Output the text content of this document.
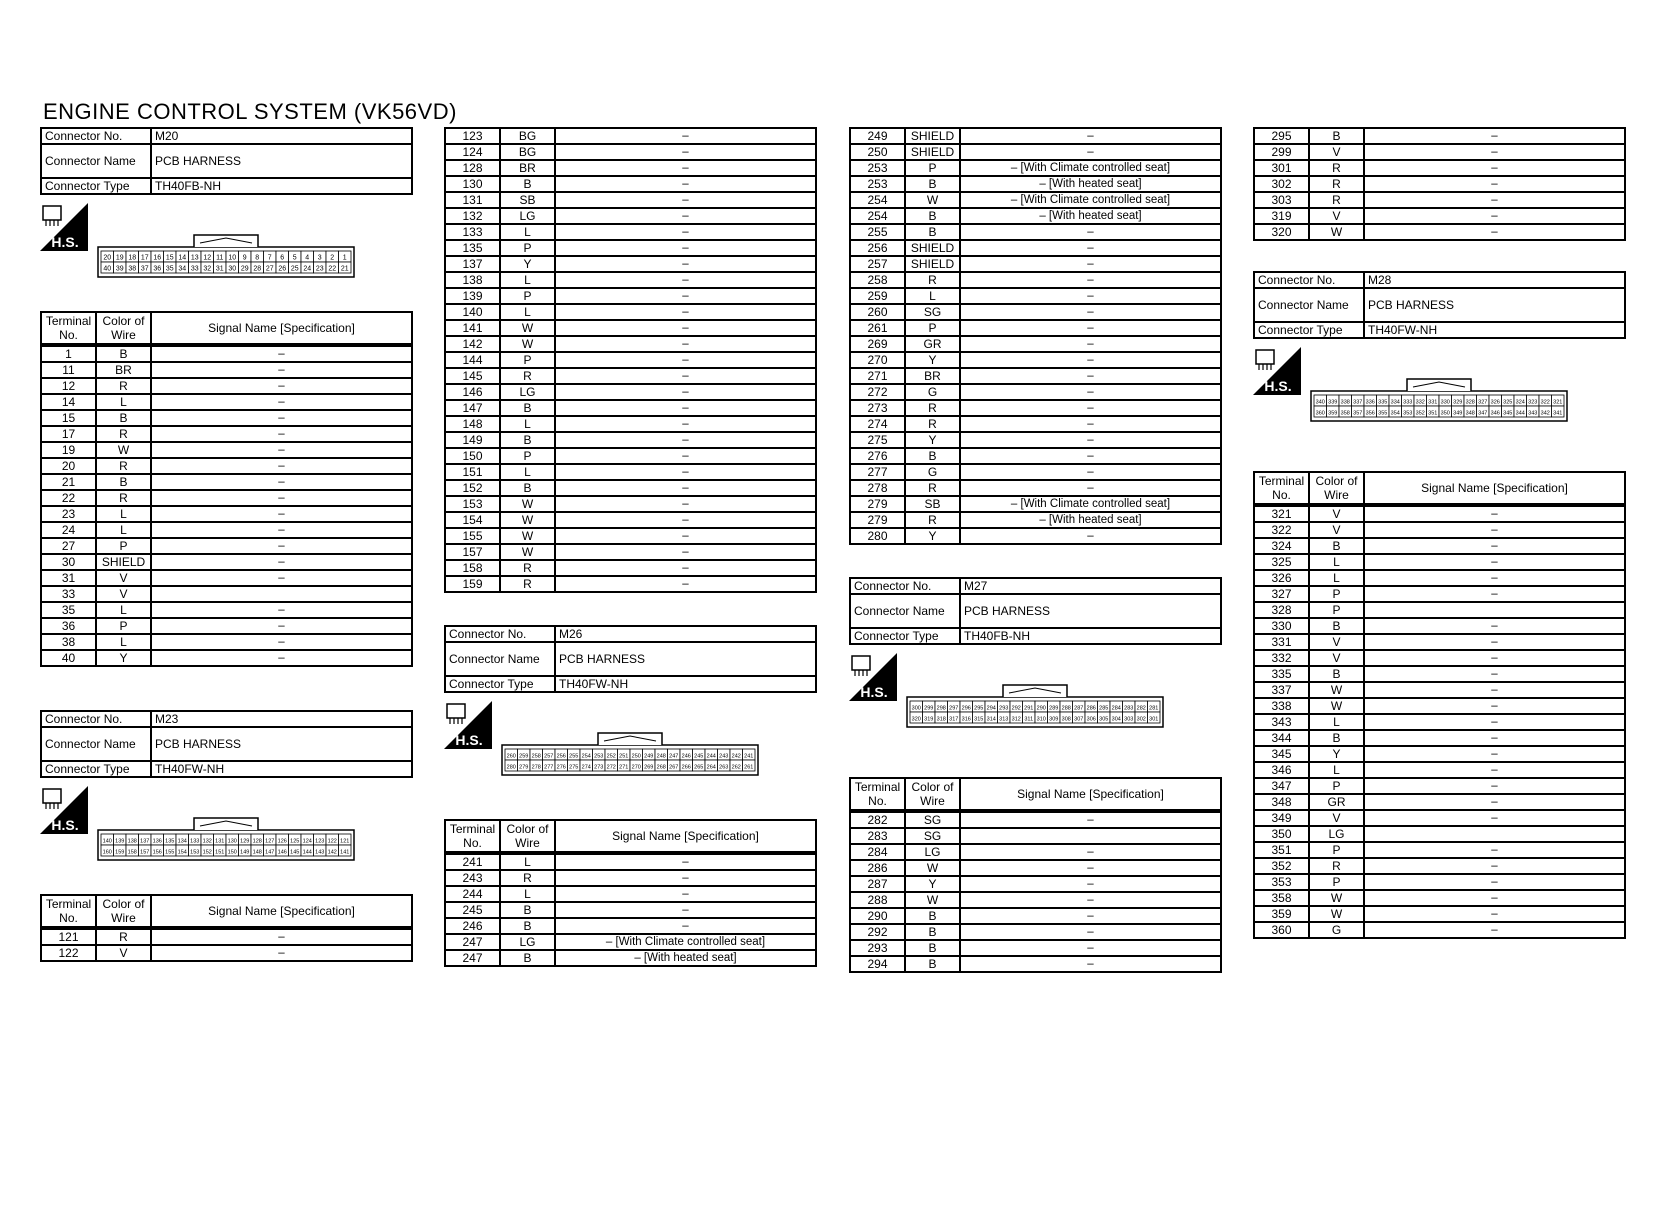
ENGINE CONTROL SYSTEM (VK56VD)
Connector No.	M20
Connector Name	PCB HARNESS
Connector Type	TH40FB-NH
H.S.
20 19 18 17 16 15 14 13 12 11 10 9 8 7 6 5 4 3 2 1
40 39 38 37 36 35 34 33 32 31 30 29 28 27 26 25 24 23 22 21
Terminal No.	Color of Wire	Signal Name [Specification]
1	B	–
11	BR	–
12	R	–
14	L	–
15	B	–
17	R	–
19	W	–
20	R	–
21	B	–
22	R	–
23	L	–
24	L	–
27	P	–
30	SHIELD	–
31	V	–
33	V	
35	L	–
36	P	–
38	L	–
40	Y	–
Connector No.	M23
Connector Name	PCB HARNESS
Connector Type	TH40FW-NH
H.S.
140 139 138 137 136 135 134 133 132 131 130 129 128 127 126 125 124 123 122 121
160 159 158 157 156 155 154 153 152 151 150 149 148 147 146 145 144 143 142 141
Terminal No.	Color of Wire	Signal Name [Specification]
121	R	–
122	V	–
123	BG	–
124	BG	–
128	BR	–
130	B	–
131	SB	–
132	LG	–
133	L	–
135	P	–
137	Y	–
138	L	–
139	P	–
140	L	–
141	W	–
142	W	–
144	P	–
145	R	–
146	LG	–
147	B	–
148	L	–
149	B	–
150	P	–
151	L	–
152	B	–
153	W	–
154	W	–
155	W	–
157	W	–
158	R	–
159	R	–
Connector No.	M26
Connector Name	PCB HARNESS
Connector Type	TH40FW-NH
H.S.
260 259 258 257 256 255 254 253 252 251 250 249 248 247 246 245 244 243 242 241
280 279 278 277 276 275 274 273 272 271 270 269 268 267 266 265 264 263 262 261
Terminal No.	Color of Wire	Signal Name [Specification]
241	L	–
243	R	–
244	L	–
245	B	–
246	B	–
247	LG	– [With Climate controlled seat]
247	B	– [With heated seat]
249	SHIELD	–
250	SHIELD	–
253	P	– [With Climate controlled seat]
253	B	– [With heated seat]
254	W	– [With Climate controlled seat]
254	B	– [With heated seat]
255	B	–
256	SHIELD	–
257	SHIELD	–
258	R	–
259	L	–
260	SG	–
261	P	–
269	GR	–
270	Y	–
271	BR	–
272	G	–
273	R	–
274	R	–
275	Y	–
276	B	–
277	G	–
278	R	–
279	SB	– [With Climate controlled seat]
279	R	– [With heated seat]
280	Y	–
Connector No.	M27
Connector Name	PCB HARNESS
Connector Type	TH40FB-NH
H.S.
300 299 298 297 296 295 294 293 292 291 290 289 288 287 286 285 284 283 282 281
320 319 318 317 316 315 314 313 312 311 310 309 308 307 306 305 304 303 302 301
Terminal No.	Color of Wire	Signal Name [Specification]
282	SG	–
283	SG	
284	LG	–
286	W	–
287	Y	–
288	W	–
290	B	–
292	B	–
293	B	–
294	B	–
295	B	–
299	V	–
301	R	–
302	R	–
303	R	–
319	V	–
320	W	–
Connector No.	M28
Connector Name	PCB HARNESS
Connector Type	TH40FW-NH
H.S.
340 339 338 337 336 335 334 333 332 331 330 329 328 327 326 325 324 323 322 321
360 359 358 357 356 355 354 353 352 351 350 349 348 347 346 345 344 343 342 341
Terminal No.	Color of Wire	Signal Name [Specification]
321	V	–
322	V	–
324	B	–
325	L	–
326	L	–
327	P	–
328	P	
330	B	–
331	V	–
332	V	–
335	B	–
337	W	–
338	W	–
343	L	–
344	B	–
345	Y	–
346	L	–
347	P	–
348	GR	–
349	V	–
350	LG	
351	P	–
352	R	–
353	P	–
358	W	–
359	W	–
360	G	–
